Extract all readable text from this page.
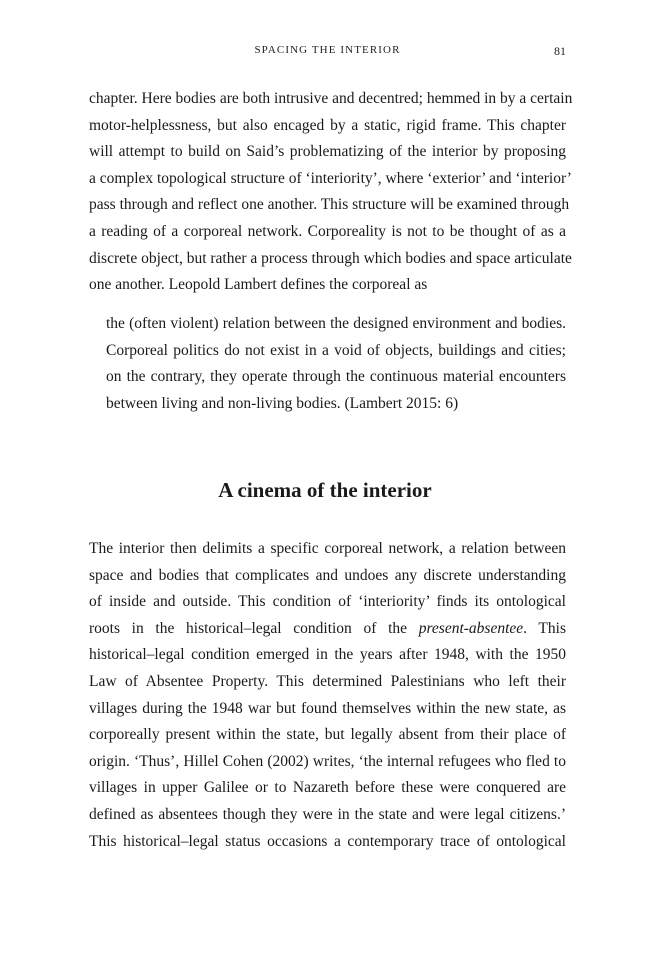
SPACING THE INTERIOR	81
chapter. Here bodies are both intrusive and decentred; hemmed in by a certain
motor-helplessness, but also encaged by a static, rigid frame. This chapter
will attempt to build on Said’s problematizing of the interior by proposing
a complex topological structure of ‘interiority’, where ‘exterior’ and ‘interior’
pass through and reflect one another. This structure will be examined through
a reading of a corporeal network. Corporeality is not to be thought of as a
discrete object, but rather a process through which bodies and space articulate
one another. Leopold Lambert defines the corporeal as
the (often violent) relation between the designed environment and bodies.
Corporeal politics do not exist in a void of objects, buildings and cities;
on the contrary, they operate through the continuous material encounters
between living and non-living bodies. (Lambert 2015: 6)
A cinema of the interior
The interior then delimits a specific corporeal network, a relation between
space and bodies that complicates and undoes any discrete understanding
of inside and outside. This condition of ‘interiority’ finds its ontological
roots in the historical–legal condition of the present-absentee. This
historical–legal condition emerged in the years after 1948, with the 1950
Law of Absentee Property. This determined Palestinians who left their
villages during the 1948 war but found themselves within the new state, as
corporeally present within the state, but legally absent from their place of
origin. ‘Thus’, Hillel Cohen (2002) writes, ‘the internal refugees who fled to
villages in upper Galilee or to Nazareth before these were conquered are
defined as absentees though they were in the state and were legal citizens.’
This historical–legal status occasions a contemporary trace of ontological
